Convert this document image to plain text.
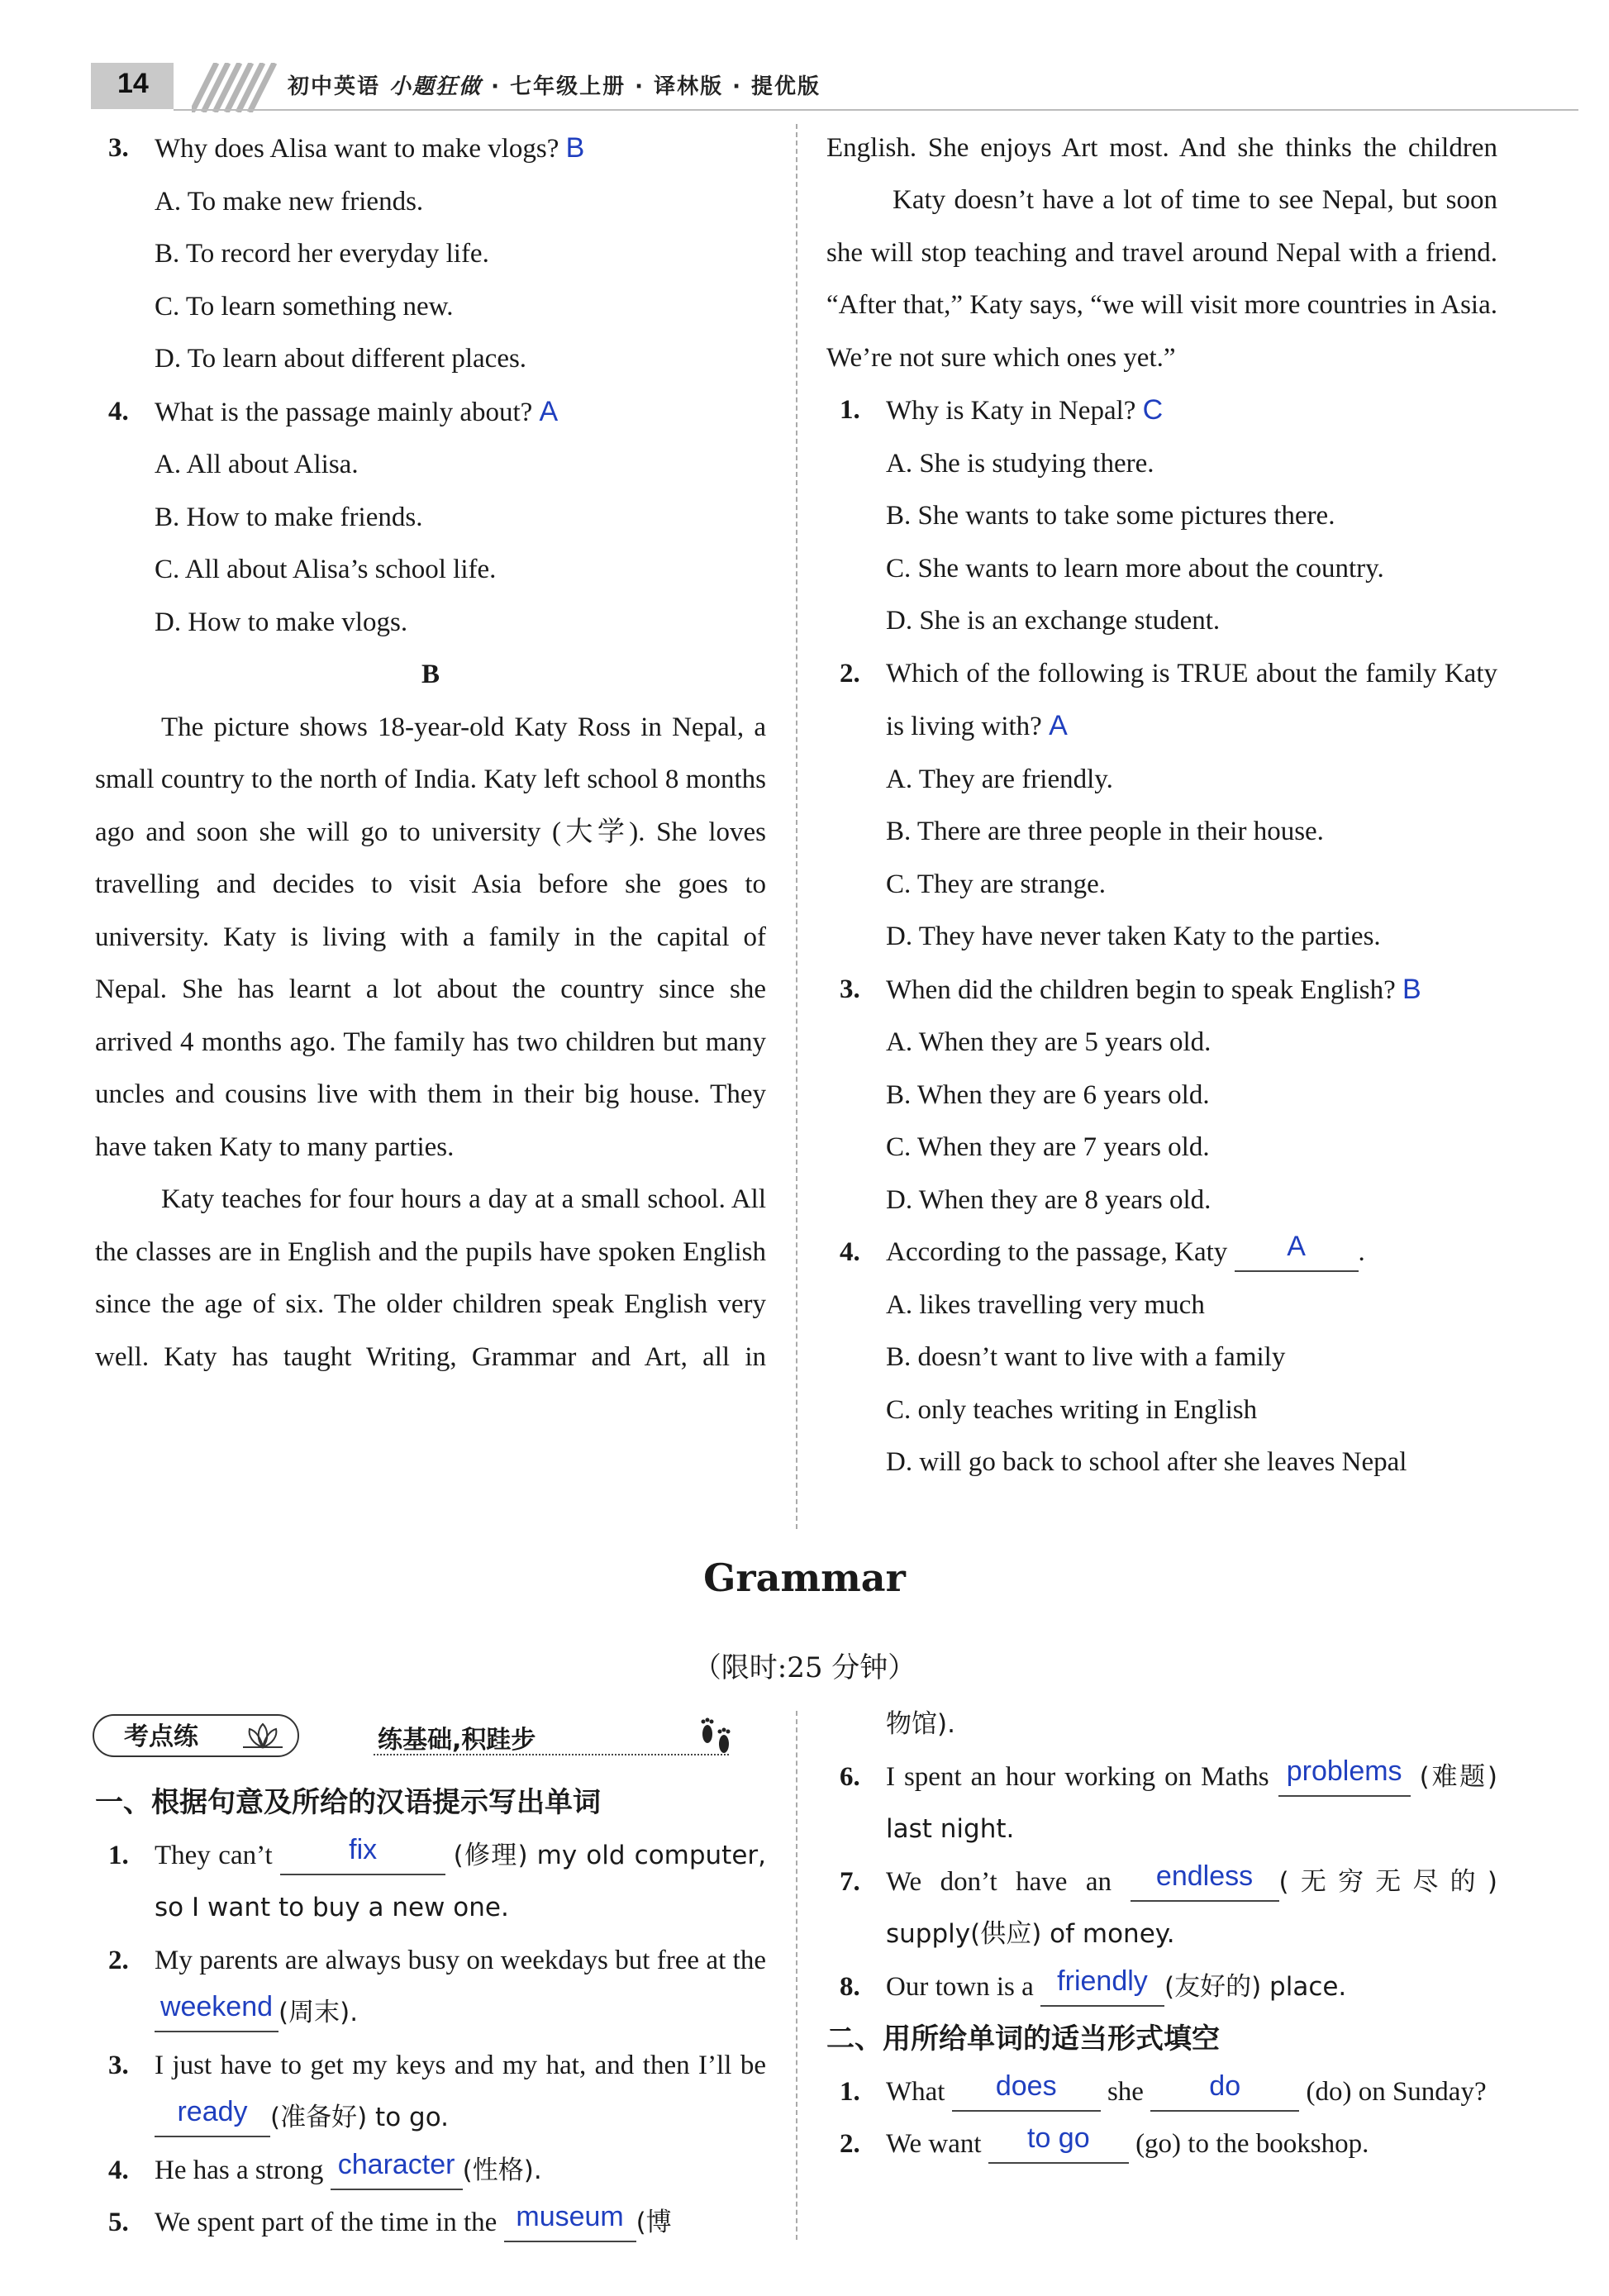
14	初中英语 小题狂做 · 七年级上册 · 译林版 · 提优版
3. Why does Alisa want to make vlogs? B
A. To make new friends.
B. To record her everyday life.
C. To learn something new.
D. To learn about different places.
4. What is the passage mainly about? A
A. All about Alisa.
B. How to make friends.
C. All about Alisa’s school life.
D. How to make vlogs.
B
The picture shows 18-year-old Katy Ross in Nepal, a small country to the north of India. Katy left school 8 months ago and soon she will go to university (大学). She loves travelling and decides to visit Asia before she goes to university. Katy is living with a family in the capital of Nepal. She has learnt a lot about the country since she arrived 4 months ago. The family has two children but many uncles and cousins live with them in their big house. They have taken Katy to many parties.
Katy teaches for four hours a day at a small school. All the classes are in English and the pupils have spoken English since the age of six. The older children speak English very well. Katy has taught Writing, Grammar and Art, all in
English. She enjoys Art most. And she thinks the children
Katy doesn’t have a lot of time to see Nepal, but soon she will stop teaching and travel around Nepal with a friend. “After that,” Katy says, “we will visit more countries in Asia. We’re not sure which ones yet.”
1. Why is Katy in Nepal? C
A. She is studying there.
B. She wants to take some pictures there.
C. She wants to learn more about the country.
D. She is an exchange student.
2. Which of the following is TRUE about the family Katy is living with? A
A. They are friendly.
B. There are three people in their house.
C. They are strange.
D. They have never taken Katy to the parties.
3. When did the children begin to speak English? B
A. When they are 5 years old.
B. When they are 6 years old.
C. When they are 7 years old.
D. When they are 8 years old.
4. According to the passage, Katy A .
A. likes travelling very much
B. doesn’t want to live with a family
C. only teaches writing in English
D. will go back to school after she leaves Nepal
Grammar
（限时:25 分钟）
考点练	练基础,积跬步
一、根据句意及所给的汉语提示写出单词
1. They can’t	fix	(修理) my old computer, so I want to buy a new one.
2. My parents are always busy on weekdays but free at the weekend (周末).
3. I just have to get my keys and my hat, and then I’ll be ready (准备好) to go.
4. He has a strong character (性格).
5. We spent part of the time in the museum (博
物馆).
6. I spent an hour working on Maths problems (难题) last night.
7. We don’t have an endless (无穷无尽的) supply(供应) of money.
8. Our town is a friendly (友好的) place.
二、用所给单词的适当形式填空
1. What does she do (do) on Sunday?
2. We want to go (go) to the bookshop.
